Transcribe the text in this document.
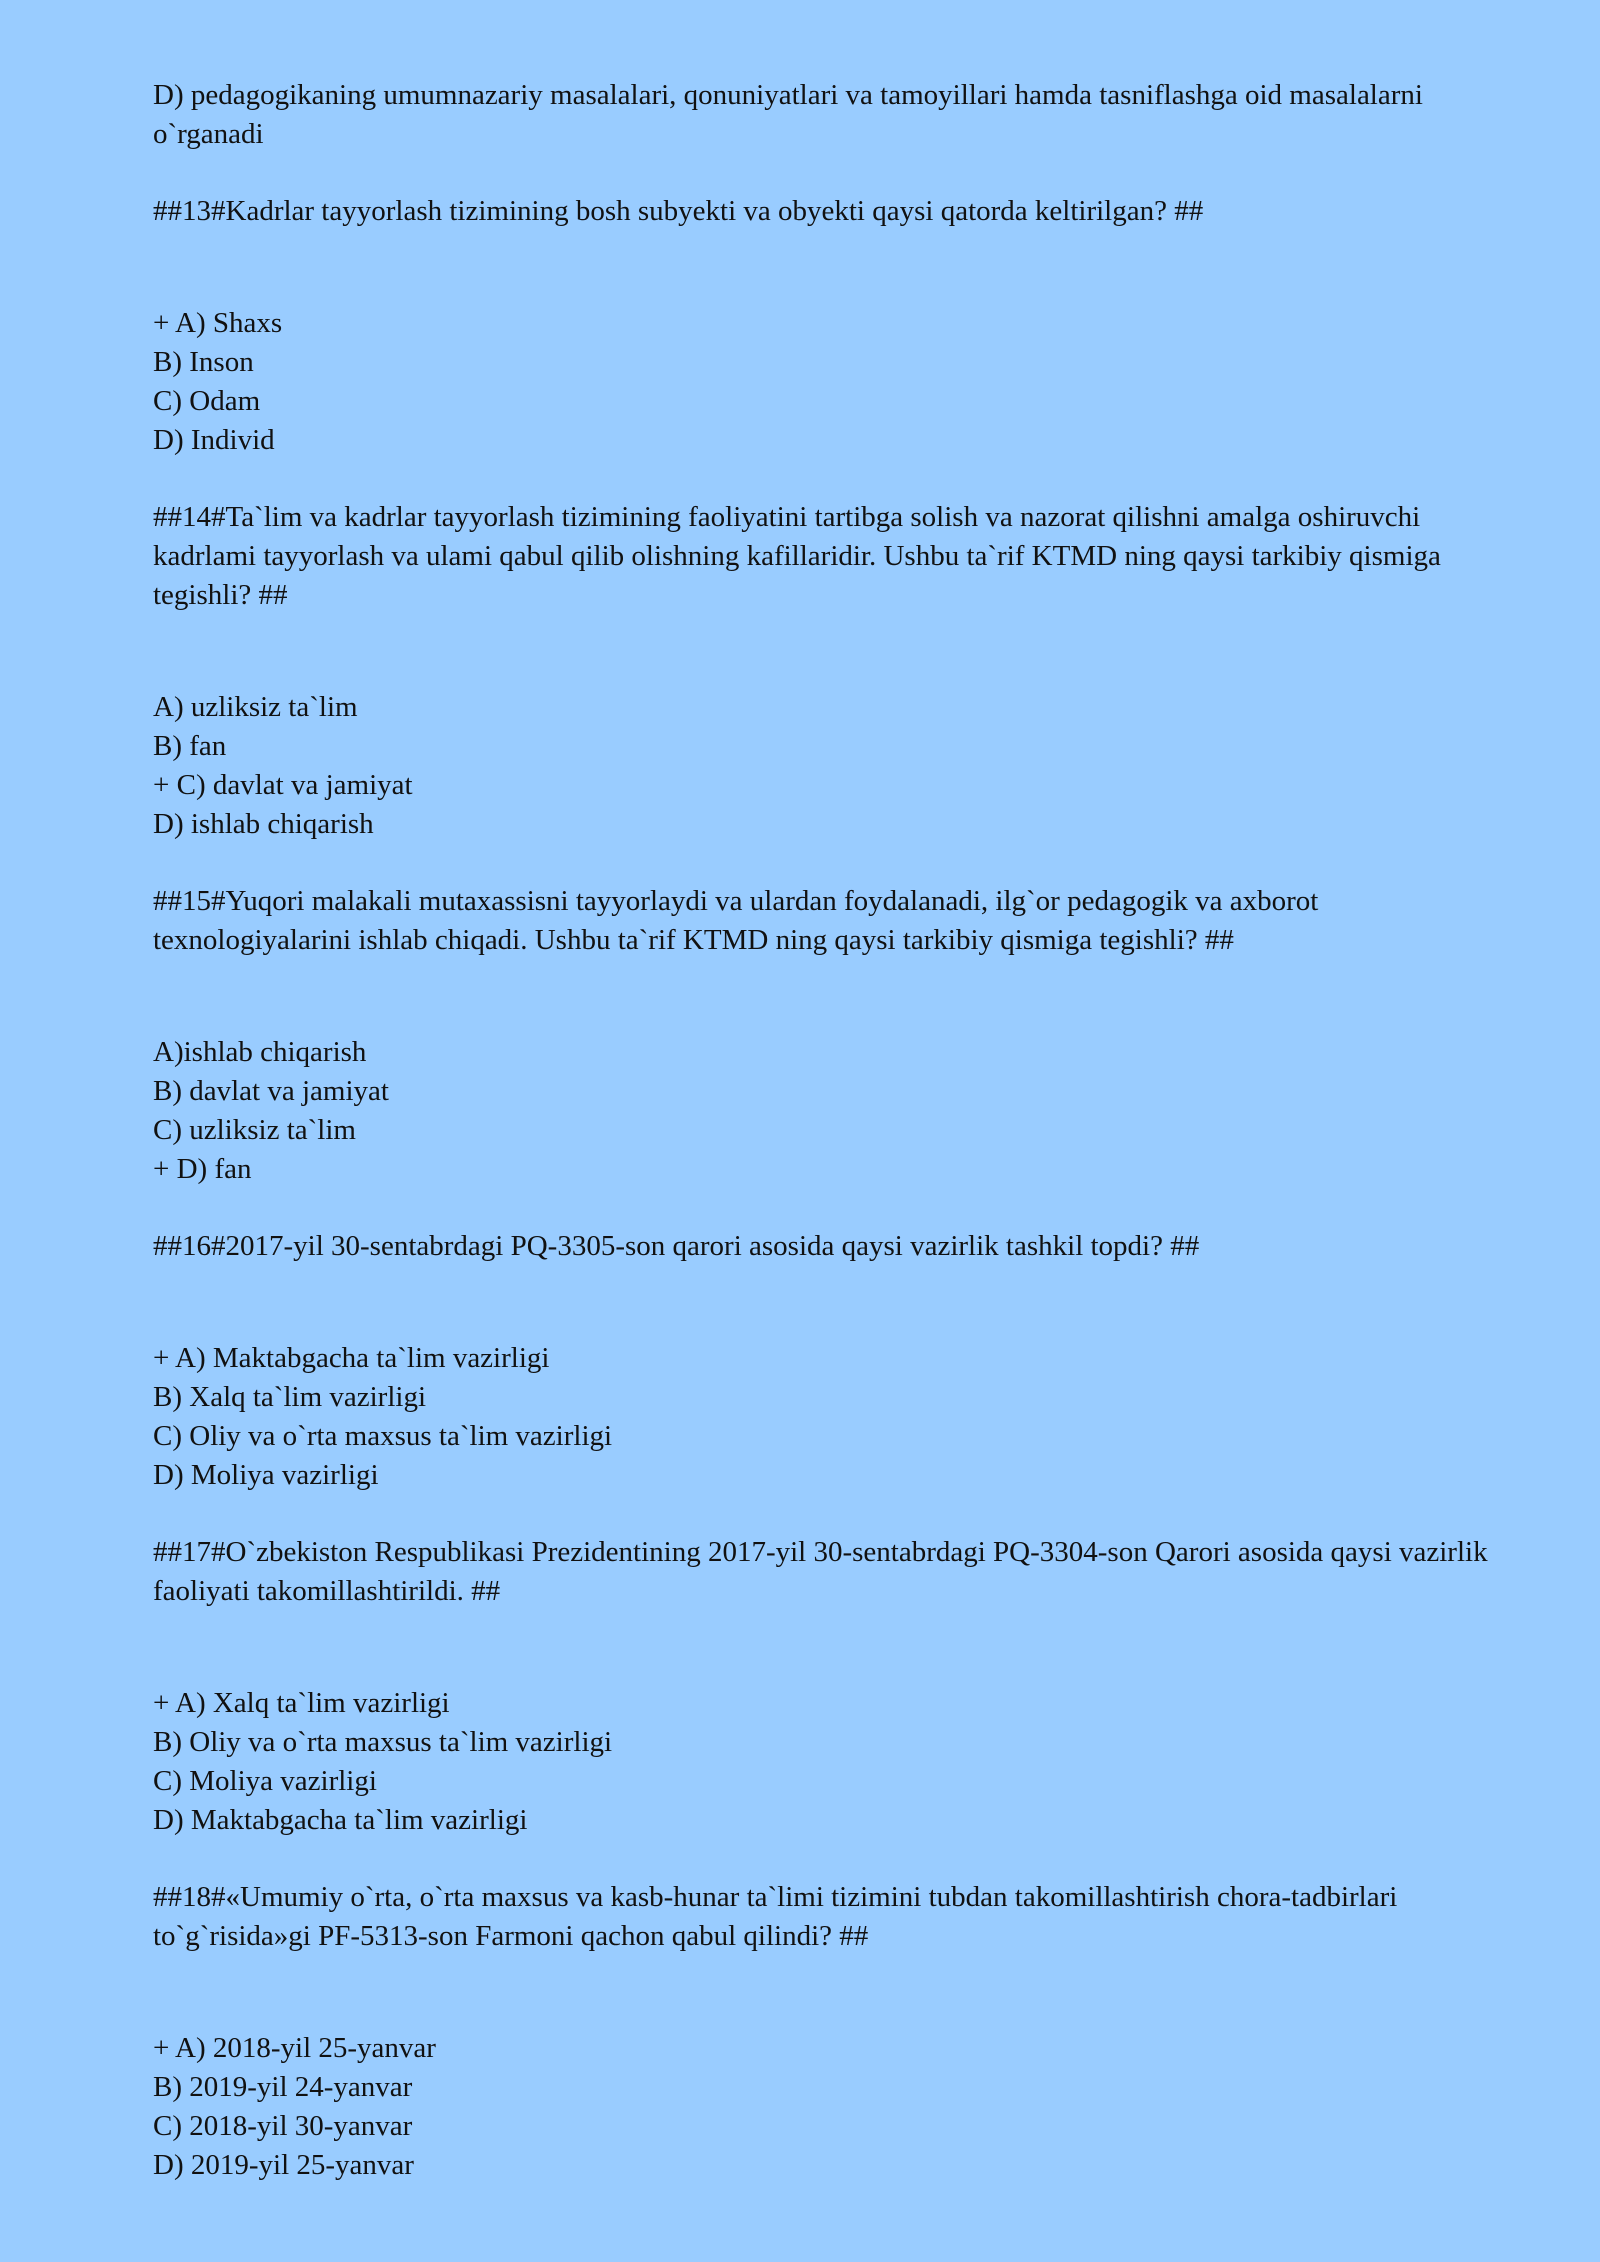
D) pedagogikaning umumnazariy masalalari, qonuniyatlari va tamoyillari hamda tasniflashga oid masalalarni o`rganadi

##13#Kadrlar tayyorlash tizimining bosh subyekti va obyekti qaysi qatorda keltirilgan? ##

+ A) Shaxs
B) Inson
C) Odam
D) Individ

##14#Ta`lim va kadrlar tayyorlash tizimining faoliyatini tartibga solish va nazorat qilishni amalga oshiruvchi kadrlami tayyorlash va ulami qabul qilib olishning kafillaridir. Ushbu ta`rif KTMD ning qaysi tarkibiy qismiga tegishli? ##

A) uzliksiz ta`lim
B) fan
+ C) davlat va jamiyat
D) ishlab chiqarish

##15#Yuqori malakali mutaxassisni tayyorlaydi va ulardan foydalanadi, ilg`or pedagogik va axborot texnologiyalarini ishlab chiqadi. Ushbu ta`rif KTMD ning qaysi tarkibiy qismiga tegishli? ##

A)ishlab chiqarish
B) davlat va jamiyat
C) uzliksiz ta`lim
+ D) fan

##16#2017-yil 30-sentabrdagi PQ-3305-son qarori asosida qaysi vazirlik tashkil topdi? ##

+ A) Maktabgacha ta`lim vazirligi
B) Xalq ta`lim vazirligi
C) Oliy va o`rta maxsus ta`lim vazirligi
D) Moliya vazirligi

##17#O`zbekiston Respublikasi Prezidentining 2017-yil 30-sentabrdagi PQ-3304-son Qarori asosida qaysi vazirlik faoliyati takomillashtirildi. ##

+ A) Xalq ta`lim vazirligi
B) Oliy va o`rta maxsus ta`lim vazirligi
C) Moliya vazirligi
D) Maktabgacha ta`lim vazirligi

##18#«Umumiy o`rta, o`rta maxsus va kasb-hunar ta`limi tizimini tubdan takomillashtirish chora-tadbirlari to`g`risida»gi PF-5313-son Farmoni qachon qabul qilindi? ##

+ A) 2018-yil 25-yanvar
B) 2019-yil 24-yanvar
C) 2018-yil 30-yanvar
D) 2019-yil 25-yanvar
